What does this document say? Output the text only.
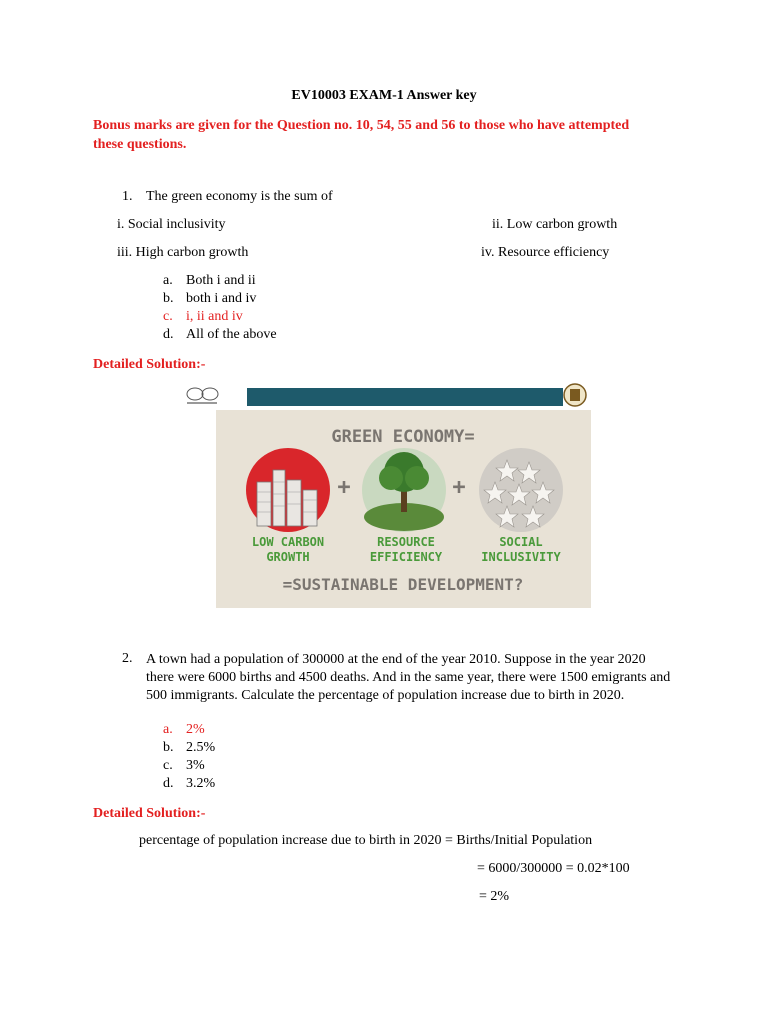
EV10003 EXAM-1 Answer key
Bonus marks are given for the Question no. 10, 54, 55 and 56 to those who have attempted these questions.
1. The green economy is the sum of
i. Social inclusivity	ii. Low carbon growth
iii. High carbon growth	iv. Resource efficiency
a. Both i and ii
b. both i and iv
c. i, ii and iv
d. All of the above
Detailed Solution:-
GREEN ECONOMY=
+	+
LOW CARBON
GROWTH
RESOURCE
EFFICIENCY
SOCIAL
INCLUSIVITY
=SUSTAINABLE DEVELOPMENT?
2. A town had a population of 300000 at the end of the year 2010. Suppose in the year 2020 there were 6000 births and 4500 deaths. And in the same year, there were 1500 emigrants and 500 immigrants. Calculate the percentage of population increase due to birth in 2020.
a. 2%
b. 2.5%
c. 3%
d. 3.2%
Detailed Solution:-
percentage of population increase due to birth in 2020 = Births/Initial Population
= 6000/300000 = 0.02*100
= 2%
